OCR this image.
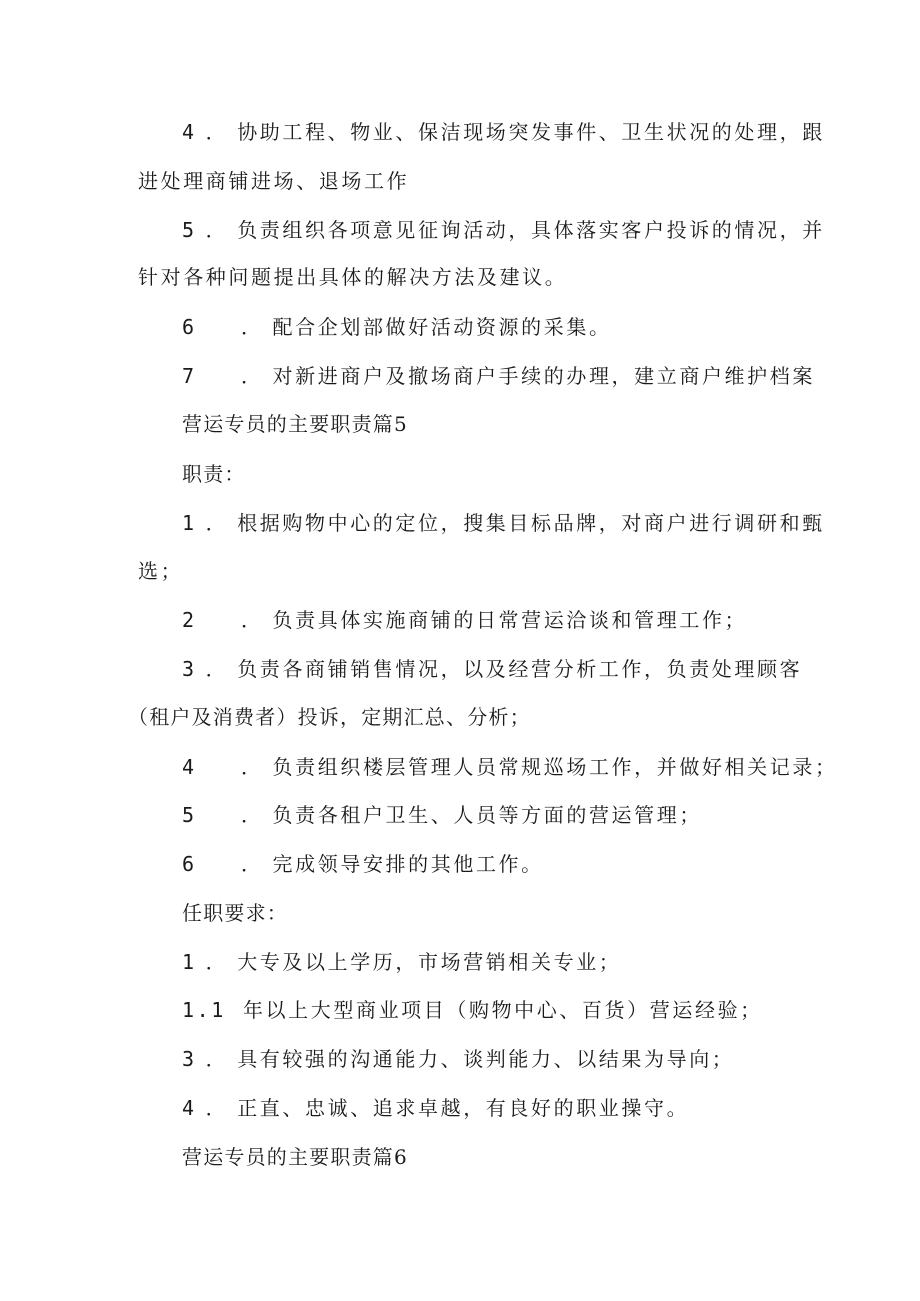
4 ． 协助工程、物业、保洁现场突发事件、卫生状况的处理，跟
进处理商铺进场、退场工作
5 ． 负责组织各项意见征询活动，具体落实客户投诉的情况，并
针对各种问题提出具体的解决方法及建议。
6 ． 配合企划部做好活动资源的采集。
7 ． 对新进商户及撤场商户手续的办理，建立商户维护档案
营运专员的主要职责篇5
职责：
1 ． 根据购物中心的定位，搜集目标品牌，对商户进行调研和甄
选；
2 ． 负责具体实施商铺的日常营运洽谈和管理工作；
3 ． 负责各商铺销售情况，以及经营分析工作，负责处理顾客
（租户及消费者）投诉，定期汇总、分析；
4 ． 负责组织楼层管理人员常规巡场工作，并做好相关记录；
5 ． 负责各租户卫生、人员等方面的营运管理；
6 ． 完成领导安排的其他工作。
任职要求：
1 ． 大专及以上学历，市场营销相关专业；
1.1 年以上大型商业项目（购物中心、百货）营运经验；
3 ． 具有较强的沟通能力、谈判能力、以结果为导向；
4 ． 正直、忠诚、追求卓越，有良好的职业操守。
营运专员的主要职责篇6
